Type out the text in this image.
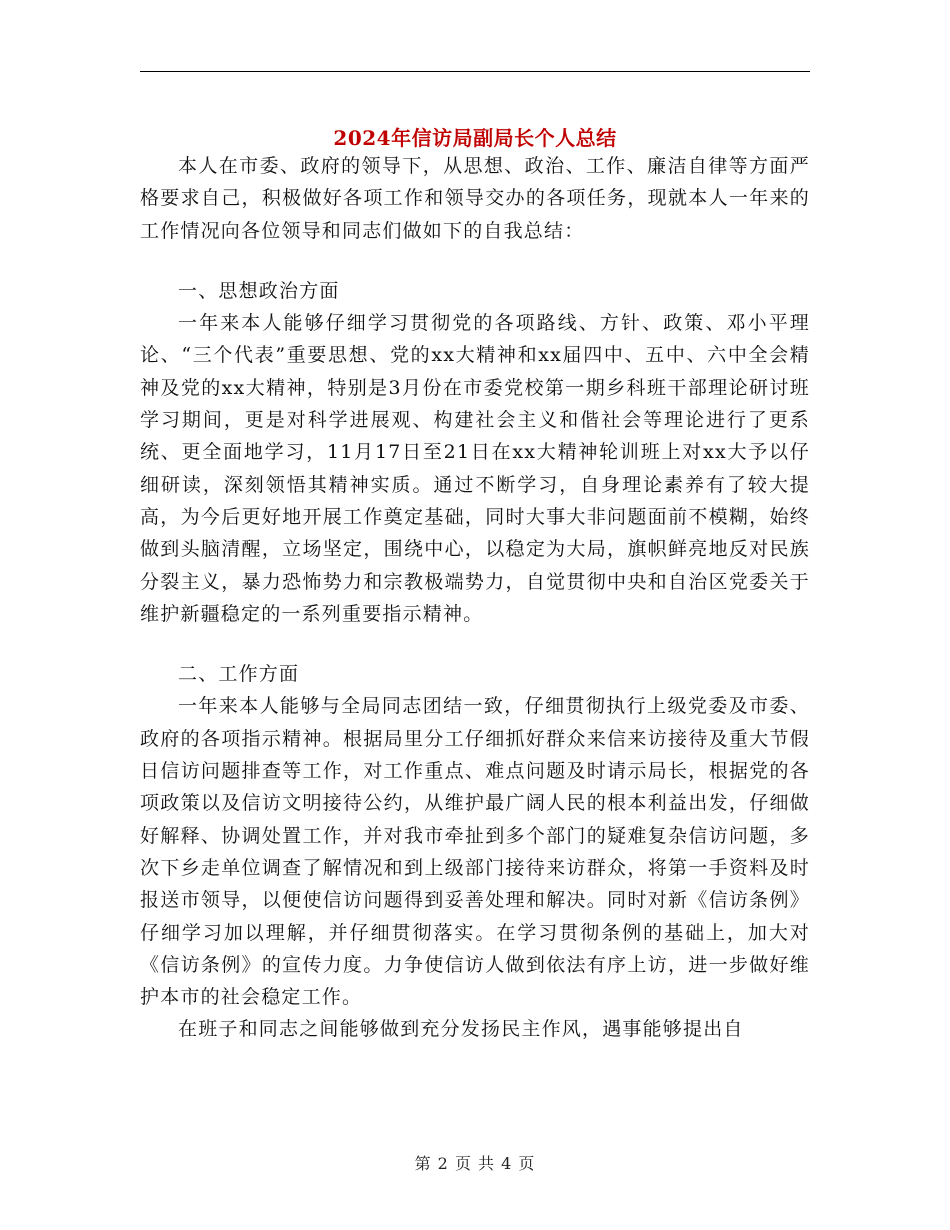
2024年信访局副局长个人总结

本人在市委、政府的领导下，从思想、政治、工作、廉洁自律等方面严格要求自己，积极做好各项工作和领导交办的各项任务，现就本人一年来的工作情况向各位领导和同志们做如下的自我总结：

一、思想政治方面

一年来本人能够仔细学习贯彻党的各项路线、方针、政策、邓小平理论、“三个代表”重要思想、党的xx大精神和xx届四中、五中、六中全会精神及党的xx大精神，特别是3月份在市委党校第一期乡科班干部理论研讨班学习期间，更是对科学进展观、构建社会主义和偕社会等理论进行了更系统、更全面地学习，11月17日至21日在xx大精神轮训班上对xx大予以仔细研读，深刻领悟其精神实质。通过不断学习，自身理论素养有了较大提高，为今后更好地开展工作奠定基础，同时大事大非问题面前不模糊，始终做到头脑清醒，立场坚定，围绕中心，以稳定为大局，旗帜鲜亮地反对民族分裂主义，暴力恐怖势力和宗教极端势力，自觉贯彻中央和自治区党委关于维护新疆稳定的一系列重要指示精神。

二、工作方面

一年来本人能够与全局同志团结一致，仔细贯彻执行上级党委及市委、政府的各项指示精神。根据局里分工仔细抓好群众来信来访接待及重大节假日信访问题排查等工作，对工作重点、难点问题及时请示局长，根据党的各项政策以及信访文明接待公约，从维护最广阔人民的根本利益出发，仔细做好解释、协调处置工作，并对我市牵扯到多个部门的疑难复杂信访问题，多次下乡走单位调查了解情况和到上级部门接待来访群众，将第一手资料及时报送市领导，以便使信访问题得到妥善处理和解决。同时对新《信访条例》仔细学习加以理解，并仔细贯彻落实。在学习贯彻条例的基础上，加大对《信访条例》的宣传力度。力争使信访人做到依法有序上访，进一步做好维护本市的社会稳定工作。

在班子和同志之间能够做到充分发扬民主作风，遇事能够提出自

第 2 页 共 4 页
